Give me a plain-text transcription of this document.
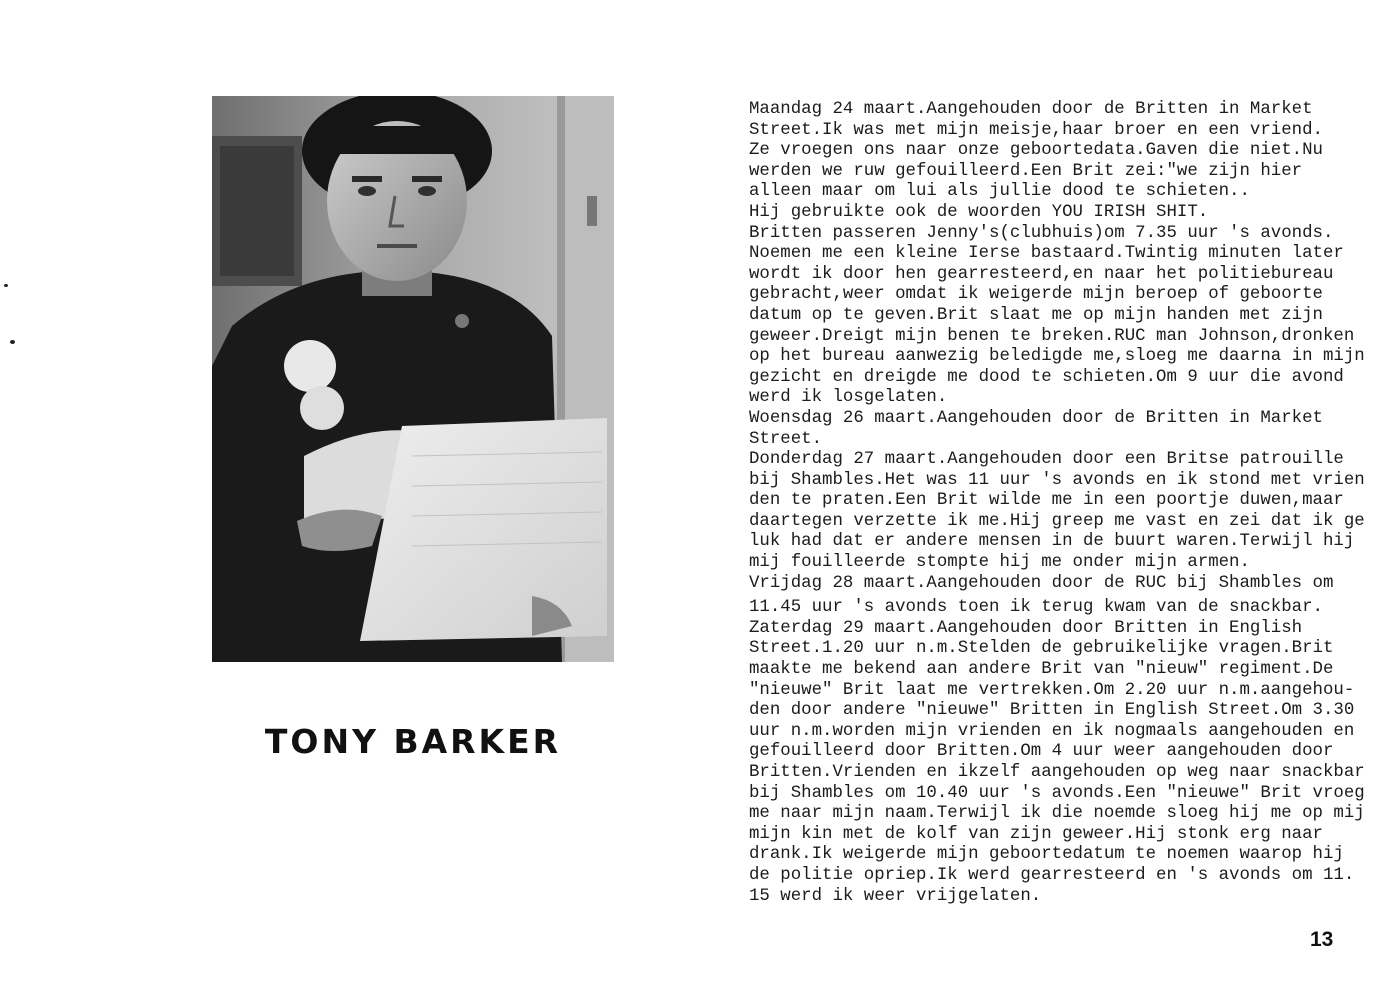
TONY BARKER
Maandag 24 maart.Aangehouden door de Britten in Market
Street.Ik was met mijn meisje,haar broer en een vriend.
Ze vroegen ons naar onze geboortedata.Gaven die niet.Nu
werden we ruw gefouilleerd.Een Brit zei:"we zijn hier
alleen maar om lui als jullie dood te schieten..
Hij gebruikte ook de woorden YOU IRISH SHIT.
Britten passeren Jenny's(clubhuis)om 7.35 uur 's avonds.
Noemen me een kleine Ierse bastaard.Twintig minuten later
wordt ik door hen gearresteerd,en naar het politiebureau
gebracht,weer omdat ik weigerde mijn beroep of geboorte
datum op te geven.Brit slaat me op mijn handen met zijn
geweer.Dreigt mijn benen te breken.RUC man Johnson,dronken
op het bureau aanwezig beledigde me,sloeg me daarna in mijn
gezicht en dreigde me dood te schieten.Om 9 uur die avond
werd ik losgelaten.
Woensdag 26 maart.Aangehouden door de Britten in Market
Street.
Donderdag 27 maart.Aangehouden door een Britse patrouille
bij Shambles.Het was 11 uur 's avonds en ik stond met vrien
den te praten.Een Brit wilde me in een poortje duwen,maar
daartegen verzette ik me.Hij greep me vast en zei dat ik ge
luk had dat er andere mensen in de buurt waren.Terwijl hij
mij fouilleerde stompte hij me onder mijn armen.
Vrijdag 28 maart.Aangehouden door de RUC bij Shambles om
11.45 uur 's avonds toen ik terug kwam van de snackbar.
Zaterdag 29 maart.Aangehouden door Britten in English
Street.1.20 uur n.m.Stelden de gebruikelijke vragen.Brit
maakte me bekend aan andere Brit van "nieuw" regiment.De
"nieuwe" Brit laat me vertrekken.Om 2.20 uur n.m.aangehou-
den door andere "nieuwe" Britten in English Street.Om 3.30
uur n.m.worden mijn vrienden en ik nogmaals aangehouden en
gefouilleerd door Britten.Om 4 uur weer aangehouden door
Britten.Vrienden en ikzelf aangehouden op weg naar snackbar
bij Shambles om 10.40 uur 's avonds.Een "nieuwe" Brit vroeg
me naar mijn naam.Terwijl ik die noemde sloeg hij me op mij
mijn kin met de kolf van zijn geweer.Hij stonk erg naar
drank.Ik weigerde mijn geboortedatum te noemen waarop hij
de politie opriep.Ik werd gearresteerd en 's avonds om 11.
15 werd ik weer vrijgelaten.
13
